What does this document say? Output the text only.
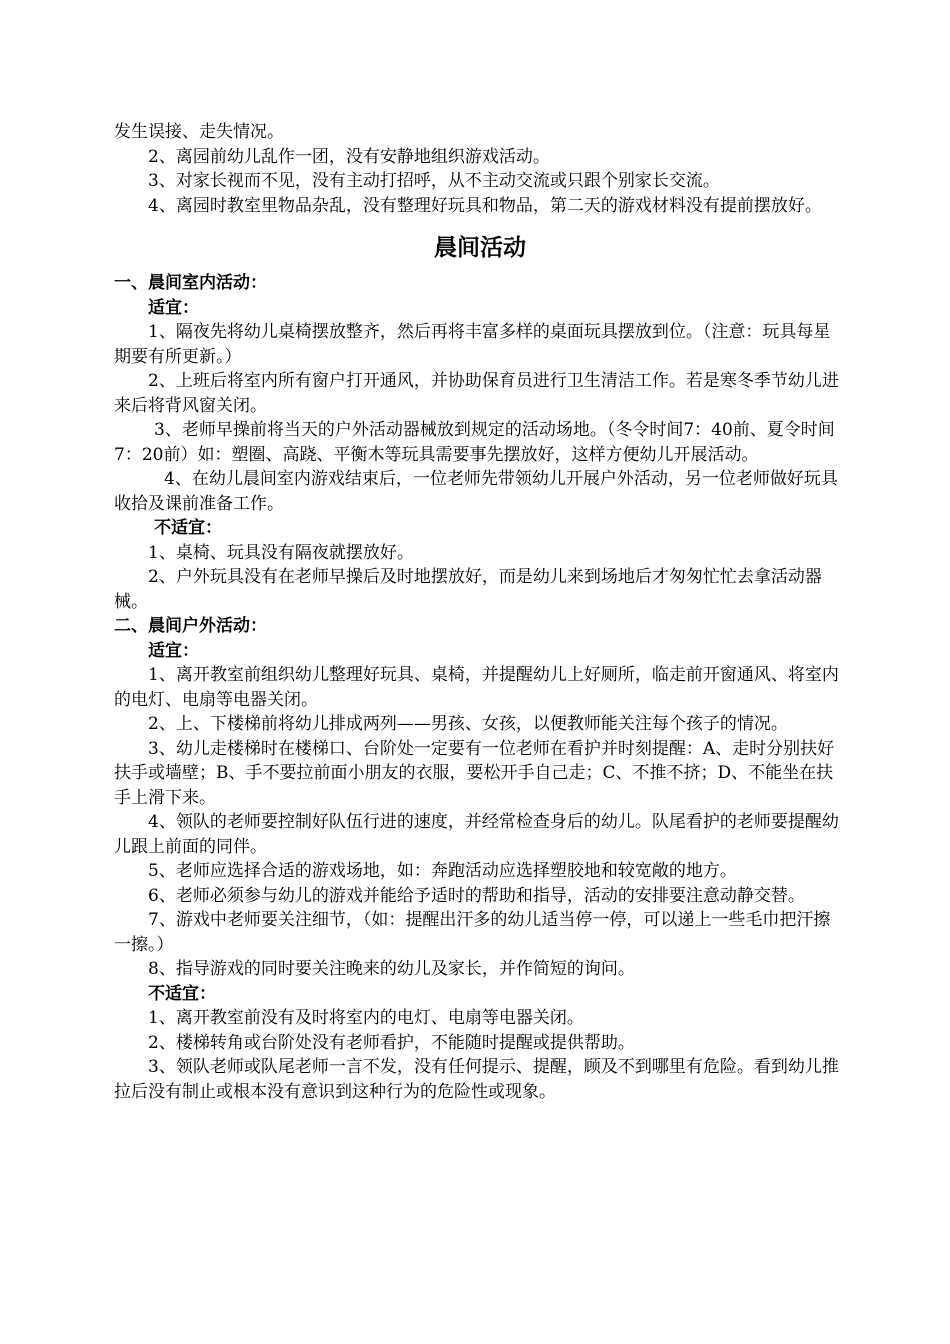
发生误接、走失情况。
2、离园前幼儿乱作一团，没有安静地组织游戏活动。
3、对家长视而不见，没有主动打招呼，从不主动交流或只跟个别家长交流。
4、离园时教室里物品杂乱，没有整理好玩具和物品，第二天的游戏材料没有提前摆放好。
晨间活动
一、晨间室内活动：
适宜：
1、隔夜先将幼儿桌椅摆放整齐，然后再将丰富多样的桌面玩具摆放到位。（注意：玩具每星期要有所更新。）
2、上班后将室内所有窗户打开通风，并协助保育员进行卫生清洁工作。若是寒冬季节幼儿进来后将背风窗关闭。
3、老师早操前将当天的户外活动器械放到规定的活动场地。（冬令时间7：40前、夏令时间7：20前）如：塑圈、高跷、平衡木等玩具需要事先摆放好，这样方便幼儿开展活动。
4、在幼儿晨间室内游戏结束后，一位老师先带领幼儿开展户外活动，另一位老师做好玩具收拾及课前准备工作。
不适宜：
1、桌椅、玩具没有隔夜就摆放好。
2、户外玩具没有在老师早操后及时地摆放好，而是幼儿来到场地后才匆匆忙忙去拿活动器械。
二、晨间户外活动：
适宜：
1、离开教室前组织幼儿整理好玩具、桌椅，并提醒幼儿上好厕所，临走前开窗通风、将室内的电灯、电扇等电器关闭。
2、上、下楼梯前将幼儿排成两列——男孩、女孩，以便教师能关注每个孩子的情况。
3、幼儿走楼梯时在楼梯口、台阶处一定要有一位老师在看护并时刻提醒：A、走时分别扶好扶手或墙壁；B、手不要拉前面小朋友的衣服，要松开手自己走；C、不推不挤；D、不能坐在扶手上滑下来。
4、领队的老师要控制好队伍行进的速度，并经常检查身后的幼儿。队尾看护的老师要提醒幼儿跟上前面的同伴。
5、老师应选择合适的游戏场地，如：奔跑活动应选择塑胶地和较宽敞的地方。
6、老师必须参与幼儿的游戏并能给予适时的帮助和指导，活动的安排要注意动静交替。
7、游戏中老师要关注细节，（如：提醒出汗多的幼儿适当停一停，可以递上一些毛巾把汗擦一擦。）
8、指导游戏的同时要关注晚来的幼儿及家长，并作简短的询问。
不适宜：
1、离开教室前没有及时将室内的电灯、电扇等电器关闭。
2、楼梯转角或台阶处没有老师看护，不能随时提醒或提供帮助。
3、领队老师或队尾老师一言不发，没有任何提示、提醒，顾及不到哪里有危险。看到幼儿推拉后没有制止或根本没有意识到这种行为的危险性或现象。
